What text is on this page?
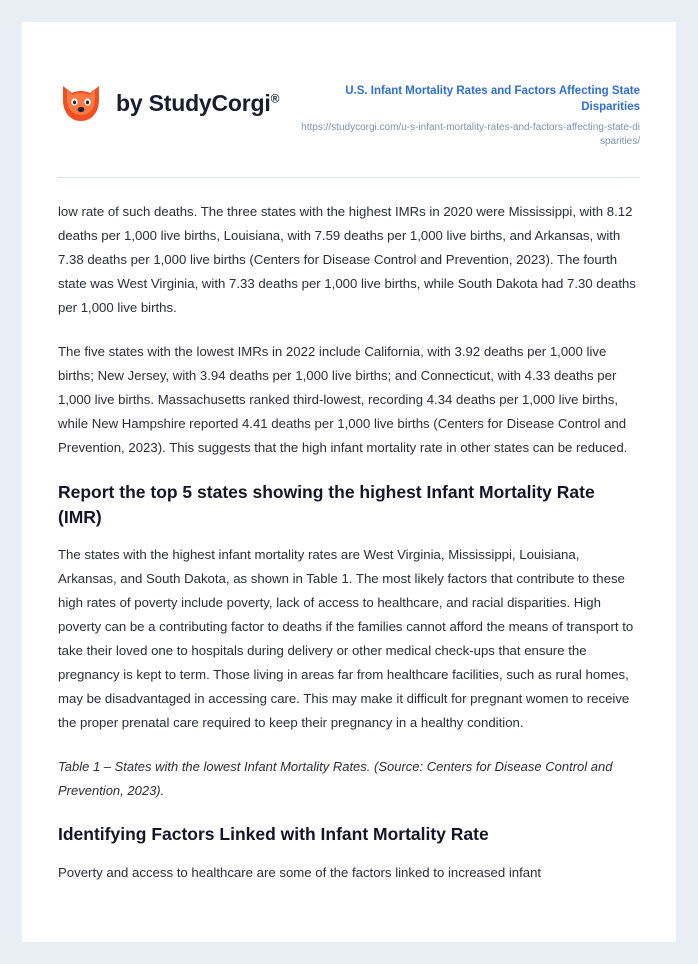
by StudyCorgi®	U.S. Infant Mortality Rates and Factors Affecting State Disparities
https://studycorgi.com/u-s-infant-mortality-rates-and-factors-affecting-state-disparities/

low rate of such deaths. The three states with the highest IMRs in 2020 were Mississippi, with 8.12 deaths per 1,000 live births, Louisiana, with 7.59 deaths per 1,000 live births, and Arkansas, with 7.38 deaths per 1,000 live births (Centers for Disease Control and Prevention, 2023). The fourth state was West Virginia, with 7.33 deaths per 1,000 live births, while South Dakota had 7.30 deaths per 1,000 live births.

The five states with the lowest IMRs in 2022 include California, with 3.92 deaths per 1,000 live births; New Jersey, with 3.94 deaths per 1,000 live births; and Connecticut, with 4.33 deaths per 1,000 live births. Massachusetts ranked third-lowest, recording 4.34 deaths per 1,000 live births, while New Hampshire reported 4.41 deaths per 1,000 live births (Centers for Disease Control and Prevention, 2023). This suggests that the high infant mortality rate in other states can be reduced.

Report the top 5 states showing the highest Infant Mortality Rate (IMR)

The states with the highest infant mortality rates are West Virginia, Mississippi, Louisiana, Arkansas, and South Dakota, as shown in Table 1. The most likely factors that contribute to these high rates of poverty include poverty, lack of access to healthcare, and racial disparities. High poverty can be a contributing factor to deaths if the families cannot afford the means of transport to take their loved one to hospitals during delivery or other medical check-ups that ensure the pregnancy is kept to term. Those living in areas far from healthcare facilities, such as rural homes, may be disadvantaged in accessing care. This may make it difficult for pregnant women to receive the proper prenatal care required to keep their pregnancy in a healthy condition.

Table 1 – States with the lowest Infant Mortality Rates. (Source: Centers for Disease Control and Prevention, 2023).

Identifying Factors Linked with Infant Mortality Rate

Poverty and access to healthcare are some of the factors linked to increased infant
